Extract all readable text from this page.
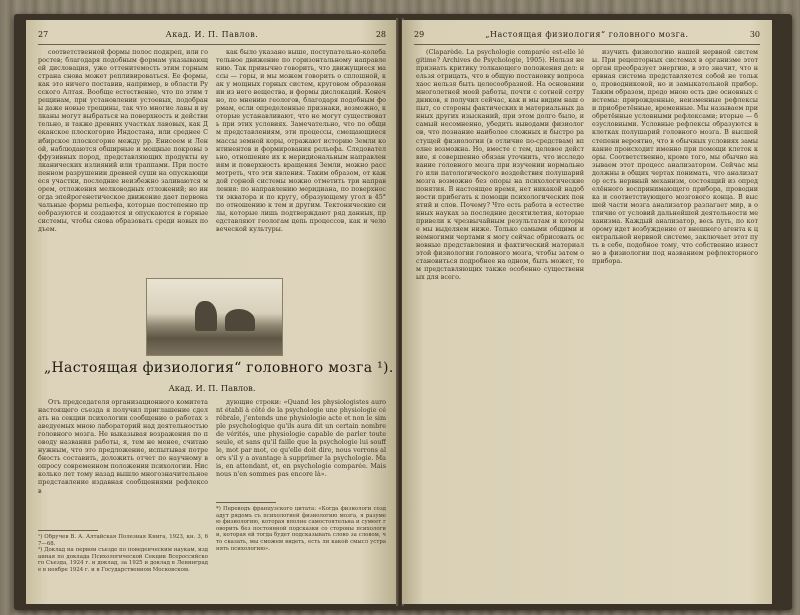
27	Акад. И. П. Павлов.	28

соответственной формы полос подкреп, или горостев; благодаря подобным формам указывающей дисловация, уже оттенитемость этим горным страна снова может репливироваться. Ее формы, как это ничего поставив, например, в области Русского Алтая. Вообще естественно, что по этим трещинам, при установлении устоевых, подобраны даже новые трещины, так что многие лавы и вулканы могут выбраться на поверхность и действительно, и также древних участках лавовых, как Деканское плоскогорие Индостана, или среднее Сибирское плоскогорие между рр. Енисеем и Леной, наблюдаются обширные и мощные покровы эффузивных пород, представляющих продукты вулканических излияний или траппами. При постепенном разрушении древней суши на опускающиеся участки, последние неизбежно заливаются морем, отложения мелководных отложений; но иногда эпейрогенетическое движение дает первоначальные формы рельефа, которые постепенно преобразуются и создаются и опускаются в горные системы, чтобы снова образовать среди новых подъем.

как было указано выше, поступательно-колебательное движение по горизонтальному направлению. Так привычно говорить, что движущиеся массы — горы, и мы можем говорить о сплошной, как у мощных горных систем, круговом образовании из него вещества, и формы дислокаций. Конечно, по мнению геологов, благодаря подобным формам, если определенные признаки, возможно, которые устанавливают, что не могут существовать при этих условиях. Замечательно, что по общим представлениям, эти процессы, смещающиеся массы земной коры, отражают историю Земли континентов и формирования рельефа. Следовательно, отношение их к меридиональным направлениям и поверхность вращения Земли, можно рассмотреть, что эти явления. Таким образом, от каждой горной системы можно отметить три направления: по направлению меридиана, по поверхности экватора и по кругу, образующему угол в 45° по отношению к тем и другим. Тектонические силы, которые лишь подтверждают ряд данных, представляют геологам цепь процессов, как и человеческой культуры.

„Настоящая физиология“ головного мозга ¹).
Акад. И. П. Павлов.

Отъ председателя организационного комитета настоящего съезда я получил приглашение сделать на секции психологии сообщение о работах заведуемых мною лабораторий над деятельностью головного мозга. Не выказывая возражения по поводу названия работы, я, тем не менее, считаю нужным, что это предложение, испытывая потребность составить, доложить отчет по научному вопросу современном положении психологии. Нисколько лет тому назад вышло многозначительное представление издавная сообщениями рефлексов

дующие строки: «Quand les physiologistes auront établi à côté de la psychologie une physiologie cérébrale, j'entends une physiologie acte et non le simple psychologique qu'ils aura dit un certain nombre de vérités, une physiologie capable de parler toute seule, et sans qu'il faille que la psychologie lui souffle, mot par mot, ce qu'elle doit dire, nous verrons alors s'il y a avantage à supprimer la psychologie. Mais, en attendant, et, en psychologie comparée. Mais nous n'en sommes pas encore là».

¹) Обручев В. А. Алтайская Полезная Книга, 1923, кн. 3, 67—68.

²) Доклад на первом съезде по поведенческим наукам, изданная по доклада Психологической Секции Всероссийского Съезда, 1924 г. и доклад, за 1925 и доклад в Ленинграде в ноябре 1924 г. и в Государственном Московском.

*) Переводъ французского цитата: «Когда физиологи создадут рядомъ съ психологией физиологию мозга, я разумею физиологию, которая вполне самостоятельна и сумеет говорить без постоянной подсказки со стороны психологии, которая ей тогда будет подсказывать слово за словом, что сказать, мы сможем видеть, есть ли какой смысл устранять психологию».

29	„Настоящая физиология“ головного мозга.	30

(Claparède. La psychologie comparée est-elle légitime? Archives de Psychologie, 1905). Нельзя не признать критику толкающего положения дел: нельзя отрицать, что в общую постановку вопроса хаос нельзя быть целесообразной. На основании многолетней моей работы, почти с сотней сотрудников, я получил сейчас, как и мы видим наш опыт, со стороны фактических и материальных данных других изысканий, при этом долго было, и самый несомненно, убедить выводами физиологов, что познание наиболее сложных и быстро растущей физиологии (в отличие по-средствам) вполне возможна. Но, вместе с тем, целевое действие, я совершенно обязан уточнить, что исследование головного мозга при изучении нормального или патологического воздействия полушарий мозга возможно без опоры на психологические понятия. В настоящее время, нет никакой надобности прибегать к помощи психологических понятий и слов. Почему? Что есть работа в естественных науках за последние десятилетия, которые привели к чрезвычайным результатам и которые мы выделяем ниже. Только самыми общими и немногими чертами я могу сейчас обрисовать основные представления и фактический материал этой физиологии головного мозга, чтобы затем остановиться подробнее на одном, быть может, тем представляющих также особенно существенных для всего.

изучить физиологию нашей нервной системы. При рецепторных системах в организме этот орган преобразует энергию, в это значит, что нервная система представляется собой не только, проводниковой, но и замыкательной прибор. Таким образом, предо мною есть две основных системы: прирожденные, неизменные рефлексы и приобретённые, временные. Мы называем приобретённые условными рефлексами; вторые — безусловными. Условные рефлексы образуются в клетках полушарий головного мозга. В высшей степени вероятно, что в обычных условиях замыкание происходит именно при помощи клеток коры. Соответственно, кроме того, мы обычно называем этот процесс анализатором. Сейчас мы должны в общих чертах понимать, что анализатор есть нервный механизм, состоящий из определённого воспринимающего прибора, проводника и соответствующего мозгового конца. В высшей части мозга анализатор разлагает мир, в отличие от условий дальнейшей деятельности механизма. Каждый анализатор, весь путь, по которому идет возбуждение от внешнего агента к центральной нервной системе, заключает этот путь в себе, подобное тому, что собственно известно в физиологии под названием рефлекторного прибора.
